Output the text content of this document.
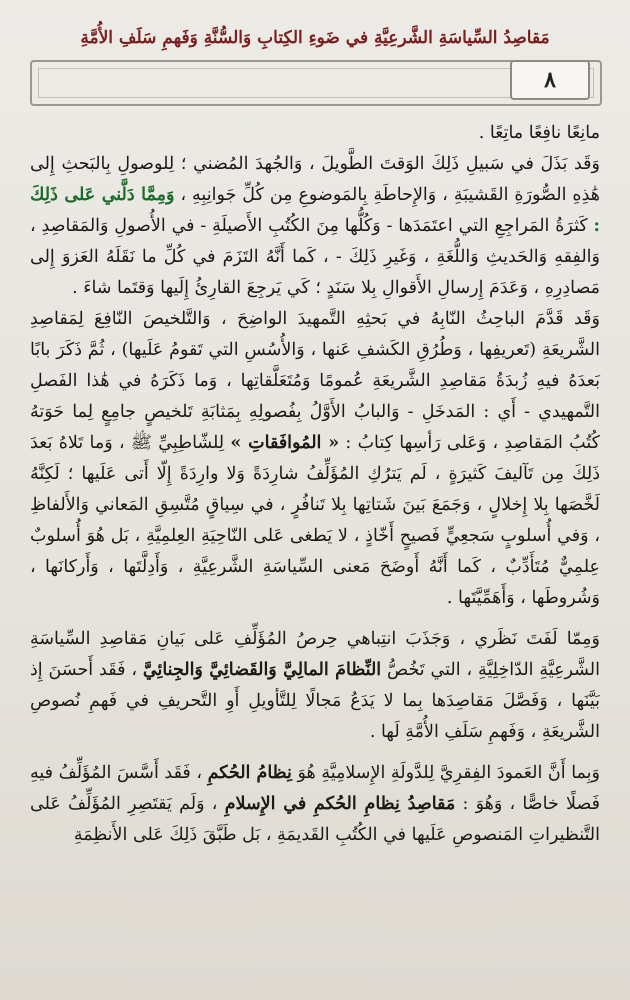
مَقاصِدُ السِّياسَةِ الشَّرعِيَّةِ في ضَوءِ الكِتابِ وَالسُّنَّةِ وَفَهمِ سَلَفِ الأُمَّةِ
٨

مانِعًا نافِعًا ماتِعًا .

وَقَد بَذَلَ في سَبيلِ ذَلِكَ الوَقتَ الطَّويلَ ، وَالجُهدَ المُضني ؛ لِلوصولِ بِالبَحثِ إِلى هَٰذِهِ الصُّورَةِ القَشيبَةِ ، وَالإِحاطَةِ بِالمَوضوعِ مِن كُلِّ جَوانِبِهِ ، وَمِمَّا دَلَّني عَلى ذَلِكَ : كَثرَةُ المَراجِعِ التي اعتَمَدَها - وَكُلُّها مِنَ الكُتُبِ الأَصيلَةِ - في الأُصولِ وَالمَقاصِدِ ، وَالفِقهِ وَالحَديثِ وَاللُّغَةِ ، وَغَيرِ ذَلِكَ - ، كَما أَنَّهُ التَزَمَ في كُلِّ ما نَقَلَهُ العَزوَ إِلى مَصادِرِهِ ، وَعَدَمَ إِرسالِ الأَقوالِ بِلا سَنَدٍ ؛ كَي يَرجِعَ القارِئُ إِلَيها وَقتَما شاءَ .

وَقَد قَدَّمَ الباحِثُ النّابِهُ في بَحثِهِ التَّمهيدَ الواضِحَ ، وَالتَّلخيصَ النّافِعَ لِمَقاصِدِ الشَّريعَةِ (تَعريفِها ، وَطُرُقِ الكَشفِ عَنها ، وَالأُسُسِ التي تَقومُ عَلَيها) ، ثُمَّ ذَكَرَ بابًا بَعدَهُ فيهِ زُبدَةُ مَقاصِدِ الشَّريعَةِ عُمومًا وَمُتَعَلَّقاتِها ، وَما ذَكَرَهُ في هَٰذا الفَصلِ التَّمهيدي - أَي : المَدخَلِ - وَالبابُ الأَوَّلُ بِفُصولِهِ بِمَثابَةِ تَلخيصٍ جامِعٍ لِما حَوَتهُ كُتُبُ المَقاصِدِ ، وَعَلى رَأسِها كِتابُ : « المُوافَقاتِ » لِلشّاطِبِيِّ ﷺ ، وَما تَلاهُ بَعدَ ذَلِكَ مِن تَآليفَ كَثيرَةٍ ، لَم يَترُكِ المُؤَلِّفُ شارِدَةً وَلا وارِدَةً إِلّا أَتى عَلَيها ؛ لَكِنَّهُ لَخَّصَها بِلا إِخلالٍ ، وَجَمَعَ بَينَ شَتاتِها بِلا تَنافُرٍ ، في سِياقٍ مُتَّسِقِ المَعاني وَالأَلفاظِ ، وَفي أُسلوبٍ سَجعِيٍّ فَصيحٍ أَخّاذٍ ، لا يَطغى عَلى النّاحِيَةِ العِلمِيَّةِ ، بَل هُوَ أُسلوبٌ عِلمِيٌّ مُتَأَدِّبٌ ، كَما أَنَّهُ أَوضَحَ مَعنى السِّياسَةِ الشَّرعِيَّةِ ، وَأَدِلَّتَها ، وَأَركانَها ، وَشُروطَها ، وَأَهَمِّيَّتَها .

وَمِمّا لَفَتَ نَظَري ، وَجَذَبَ انتِباهي حِرصُ المُؤَلِّفِ عَلى بَيانِ مَقاصِدِ السِّياسَةِ الشَّرعِيَّةِ الدّاخِلِيَّةِ ، التي تَخُصُّ النِّظامَ المالِيَّ وَالقَضائِيَّ وَالجِنائِيَّ ، فَقَد أَحسَنَ إِذ بَيَّنَها ، وَفَصَّلَ مَقاصِدَها بِما لا يَدَعُ مَجالًا لِلتَّأويلِ أَوِ التَّحريفِ في فَهمِ نُصوصِ الشَّريعَةِ ، وَفَهمِ سَلَفِ الأُمَّةِ لَها .

وَبِما أَنَّ العَمودَ الفِقرِيَّ لِلدَّولَةِ الإِسلامِيَّةِ هُوَ نِظامُ الحُكمِ ، فَقَد أَسَّسَ المُؤَلِّفُ فيهِ فَصلًا خاصًّا ، وَهُوَ : مَقاصِدُ نِظامِ الحُكمِ في الإِسلامِ ، وَلَم يَقتَصِرِ المُؤَلِّفُ عَلى التَّنظيراتِ المَنصوصِ عَلَيها في الكُتُبِ القَديمَةِ ، بَل طَبَّقَ ذَلِكَ عَلى الأَنظِمَةِ
